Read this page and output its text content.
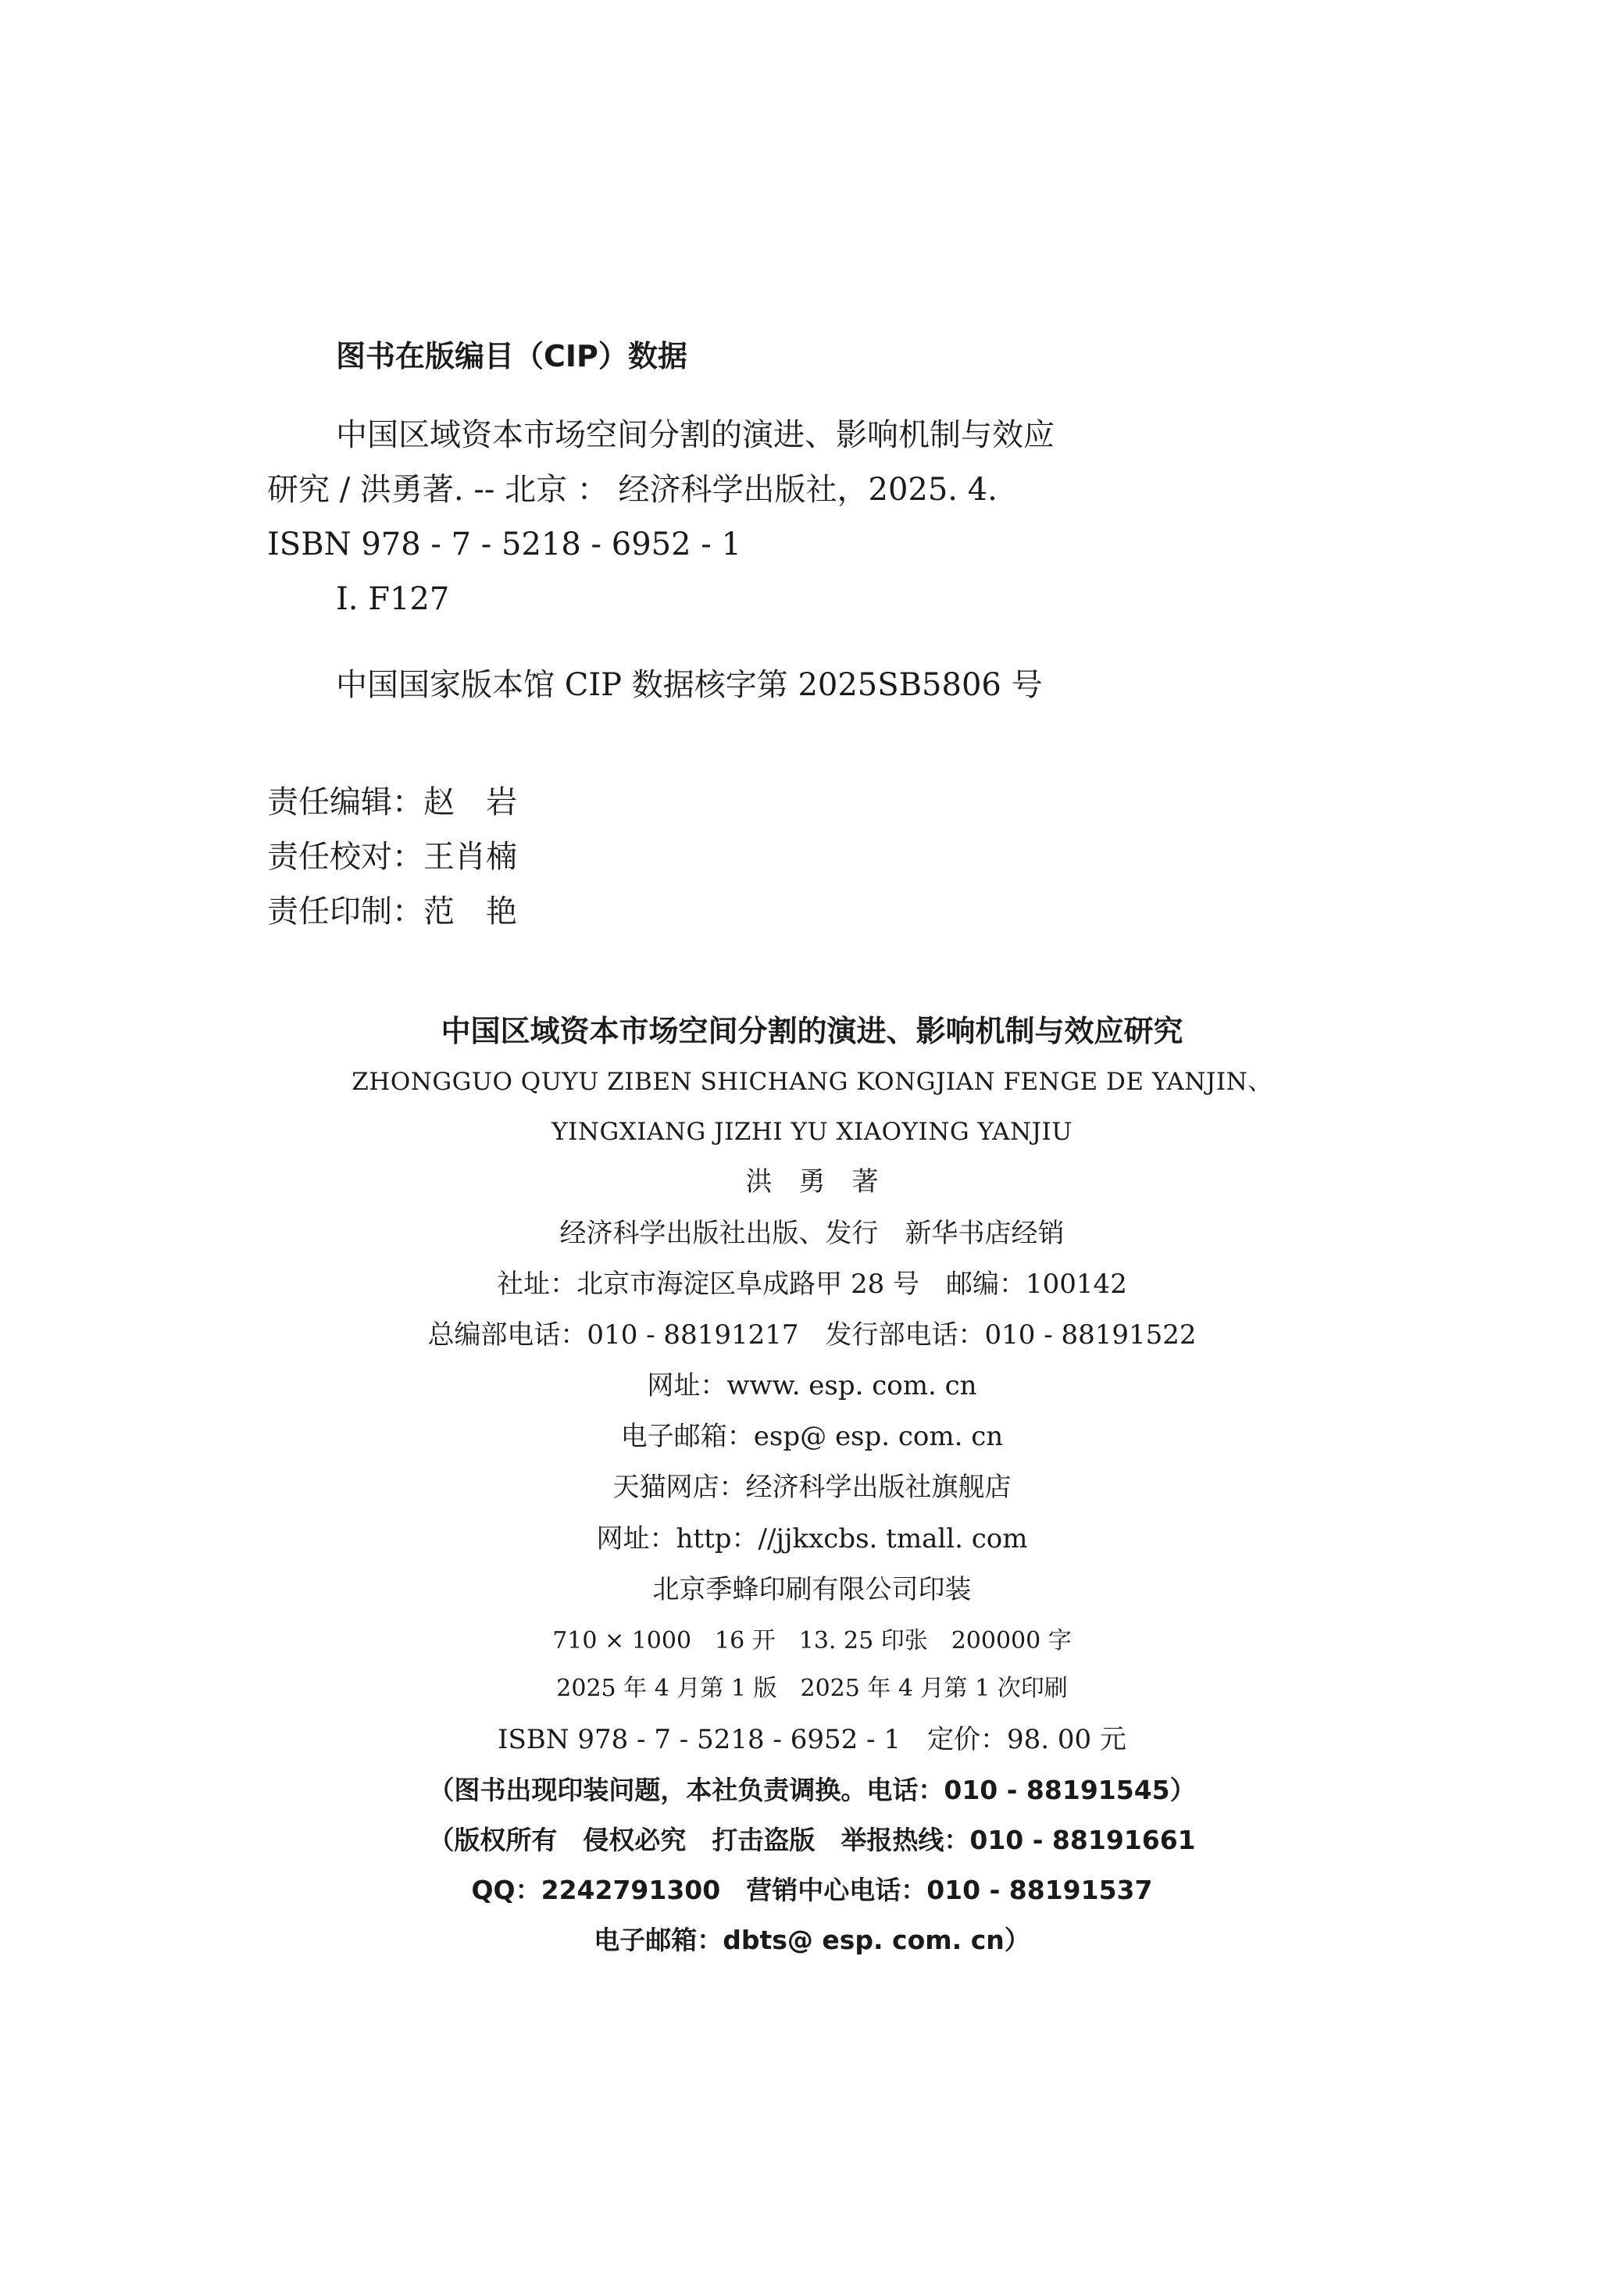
图书在版编目（CIP）数据
中国区域资本市场空间分割的演进、影响机制与效应
研究 / 洪勇著. -- 北京 ： 经济科学出版社，2025. 4.
ISBN 978 - 7 - 5218 - 6952 - 1
Ⅰ. F127
中国国家版本馆 CIP 数据核字第 2025SB5806 号
责任编辑：赵　岩
责任校对：王肖楠
责任印制：范　艳
中国区域资本市场空间分割的演进、影响机制与效应研究
ZHONGGUO QUYU ZIBEN SHICHANG KONGJIAN FENGE DE YANJIN、
YINGXIANG JIZHI YU XIAOYING YANJIU
洪　勇　著
经济科学出版社出版、发行　新华书店经销
社址：北京市海淀区阜成路甲 28 号　邮编：100142
总编部电话：010 - 88191217　发行部电话：010 - 88191522
网址：www. esp. com. cn
电子邮箱：esp@ esp. com. cn
天猫网店：经济科学出版社旗舰店
网址：http：//jjkxcbs. tmall. com
北京季蜂印刷有限公司印装
710 × 1000　16 开　13. 25 印张　200000 字
2025 年 4 月第 1 版　2025 年 4 月第 1 次印刷
ISBN 978 - 7 - 5218 - 6952 - 1　定价：98. 00 元
（图书出现印装问题，本社负责调换。电话：010 - 88191545）
（版权所有　侵权必究　打击盗版　举报热线：010 - 88191661
QQ：2242791300　营销中心电话：010 - 88191537
电子邮箱：dbts@ esp. com. cn）
